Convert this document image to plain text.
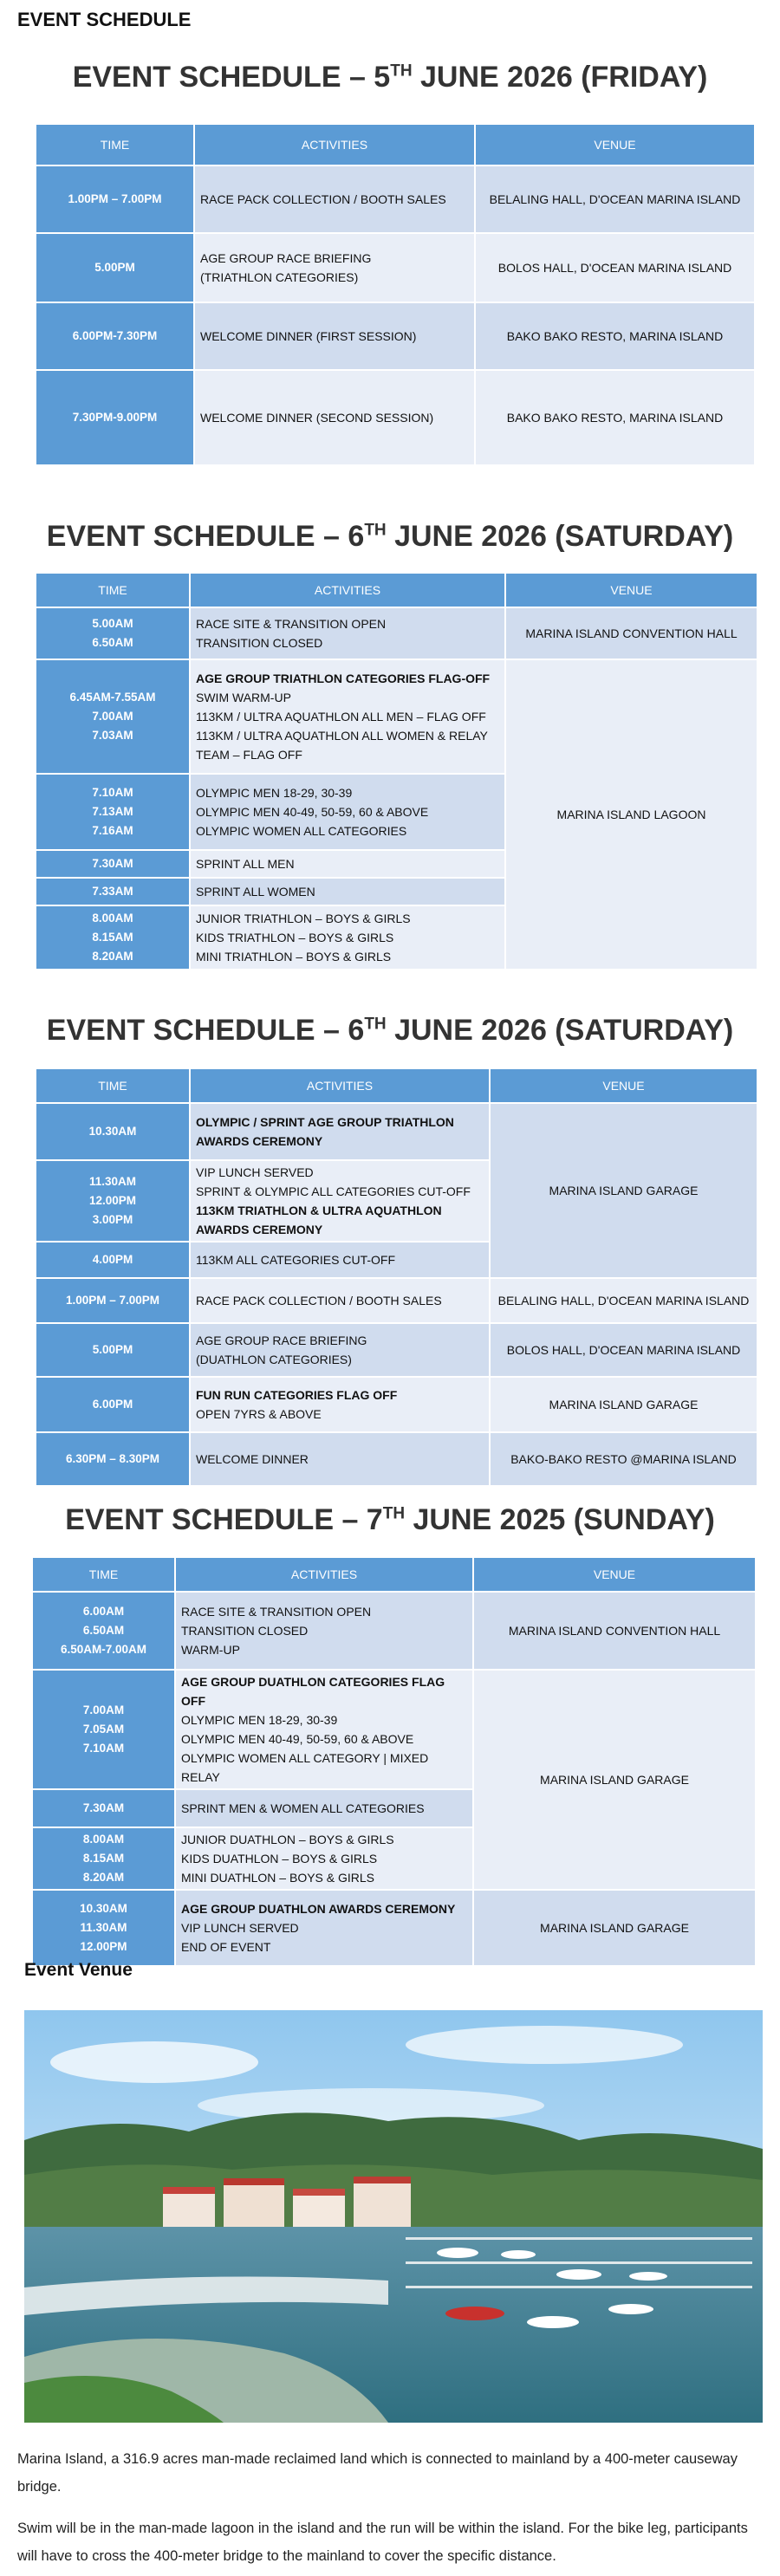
EVENT SCHEDULE
EVENT SCHEDULE – 5TH JUNE 2026 (FRIDAY)
TIME	ACTIVITIES	VENUE

1.00PM – 7.00PM	RACE PACK COLLECTION / BOOTH SALES	BELALING HALL, D'OCEAN MARINA ISLAND

5.00PM	AGE GROUP RACE BRIEFING
(TRIATHLON CATEGORIES)	BOLOS HALL, D'OCEAN MARINA ISLAND

6.00PM-7.30PM	WELCOME DINNER (FIRST SESSION)	BAKO BAKO RESTO, MARINA ISLAND

7.30PM-9.00PM	WELCOME DINNER (SECOND SESSION)	BAKO BAKO RESTO, MARINA ISLAND
EVENT SCHEDULE – 6TH JUNE 2026 (SATURDAY)
TIME	ACTIVITIES	VENUE

5.00AM
6.50AM	RACE SITE & TRANSITION OPEN
TRANSITION CLOSED	MARINA ISLAND CONVENTION HALL

6.45AM-7.55AM
7.00AM
7.03AM	AGE GROUP TRIATHLON CATEGORIES FLAG-OFF
SWIM WARM-UP
113KM / ULTRA AQUATHLON ALL MEN – FLAG OFF
113KM / ULTRA AQUATHLON ALL WOMEN & RELAY
TEAM – FLAG OFF	MARINA ISLAND LAGOON

7.10AM
7.13AM
7.16AM	OLYMPIC MEN 18-29, 30-39
OLYMPIC MEN 40-49, 50-59, 60 & ABOVE
OLYMPIC WOMEN ALL CATEGORIES	

7.30AM	SPRINT ALL MEN	

7.33AM	SPRINT ALL WOMEN	

8.00AM
8.15AM
8.20AM	JUNIOR TRIATHLON – BOYS & GIRLS
KIDS TRIATHLON – BOYS & GIRLS
MINI TRIATHLON – BOYS & GIRLS	
EVENT SCHEDULE – 6TH JUNE 2026 (SATURDAY)
TIME	ACTIVITIES	VENUE

10.30AM	OLYMPIC / SPRINT AGE GROUP TRIATHLON
AWARDS CEREMONY	MARINA ISLAND GARAGE

11.30AM
12.00PM
3.00PM	VIP LUNCH SERVED
SPRINT & OLYMPIC ALL CATEGORIES CUT-OFF
113KM TRIATHLON & ULTRA AQUATHLON
AWARDS CEREMONY	

4.00PM	113KM ALL CATEGORIES CUT-OFF	

1.00PM – 7.00PM	RACE PACK COLLECTION / BOOTH SALES	BELALING HALL, D'OCEAN MARINA ISLAND

5.00PM	AGE GROUP RACE BRIEFING
(DUATHLON CATEGORIES)	BOLOS HALL, D'OCEAN MARINA ISLAND

6.00PM	FUN RUN CATEGORIES FLAG OFF
OPEN 7YRS & ABOVE	MARINA ISLAND GARAGE

6.30PM – 8.30PM	WELCOME DINNER	BAKO-BAKO RESTO @MARINA ISLAND
EVENT SCHEDULE – 7TH JUNE 2025 (SUNDAY)
TIME	ACTIVITIES	VENUE

6.00AM
6.50AM
6.50AM-7.00AM	RACE SITE & TRANSITION OPEN
TRANSITION CLOSED
WARM-UP	MARINA ISLAND CONVENTION HALL

7.00AM
7.05AM
7.10AM	AGE GROUP DUATHLON CATEGORIES FLAG OFF
OLYMPIC MEN 18-29, 30-39
OLYMPIC MEN 40-49, 50-59, 60 & ABOVE
OLYMPIC WOMEN ALL CATEGORY | MIXED RELAY	MARINA ISLAND GARAGE

7.30AM	SPRINT MEN & WOMEN ALL CATEGORIES	

8.00AM
8.15AM
8.20AM	JUNIOR DUATHLON – BOYS & GIRLS
KIDS DUATHLON – BOYS & GIRLS
MINI DUATHLON – BOYS & GIRLS	

10.30AM
11.30AM
12.00PM	AGE GROUP DUATHLON AWARDS CEREMONY
VIP LUNCH SERVED
END OF EVENT	MARINA ISLAND GARAGE
Event Venue
Marina Island, a 316.9 acres man-made reclaimed land which is connected to mainland by a 400-meter causeway bridge.
Swim will be in the man-made lagoon in the island and the run will be within the island. For the bike leg, participants will have to cross the 400-meter bridge to the mainland to cover the specific distance.
